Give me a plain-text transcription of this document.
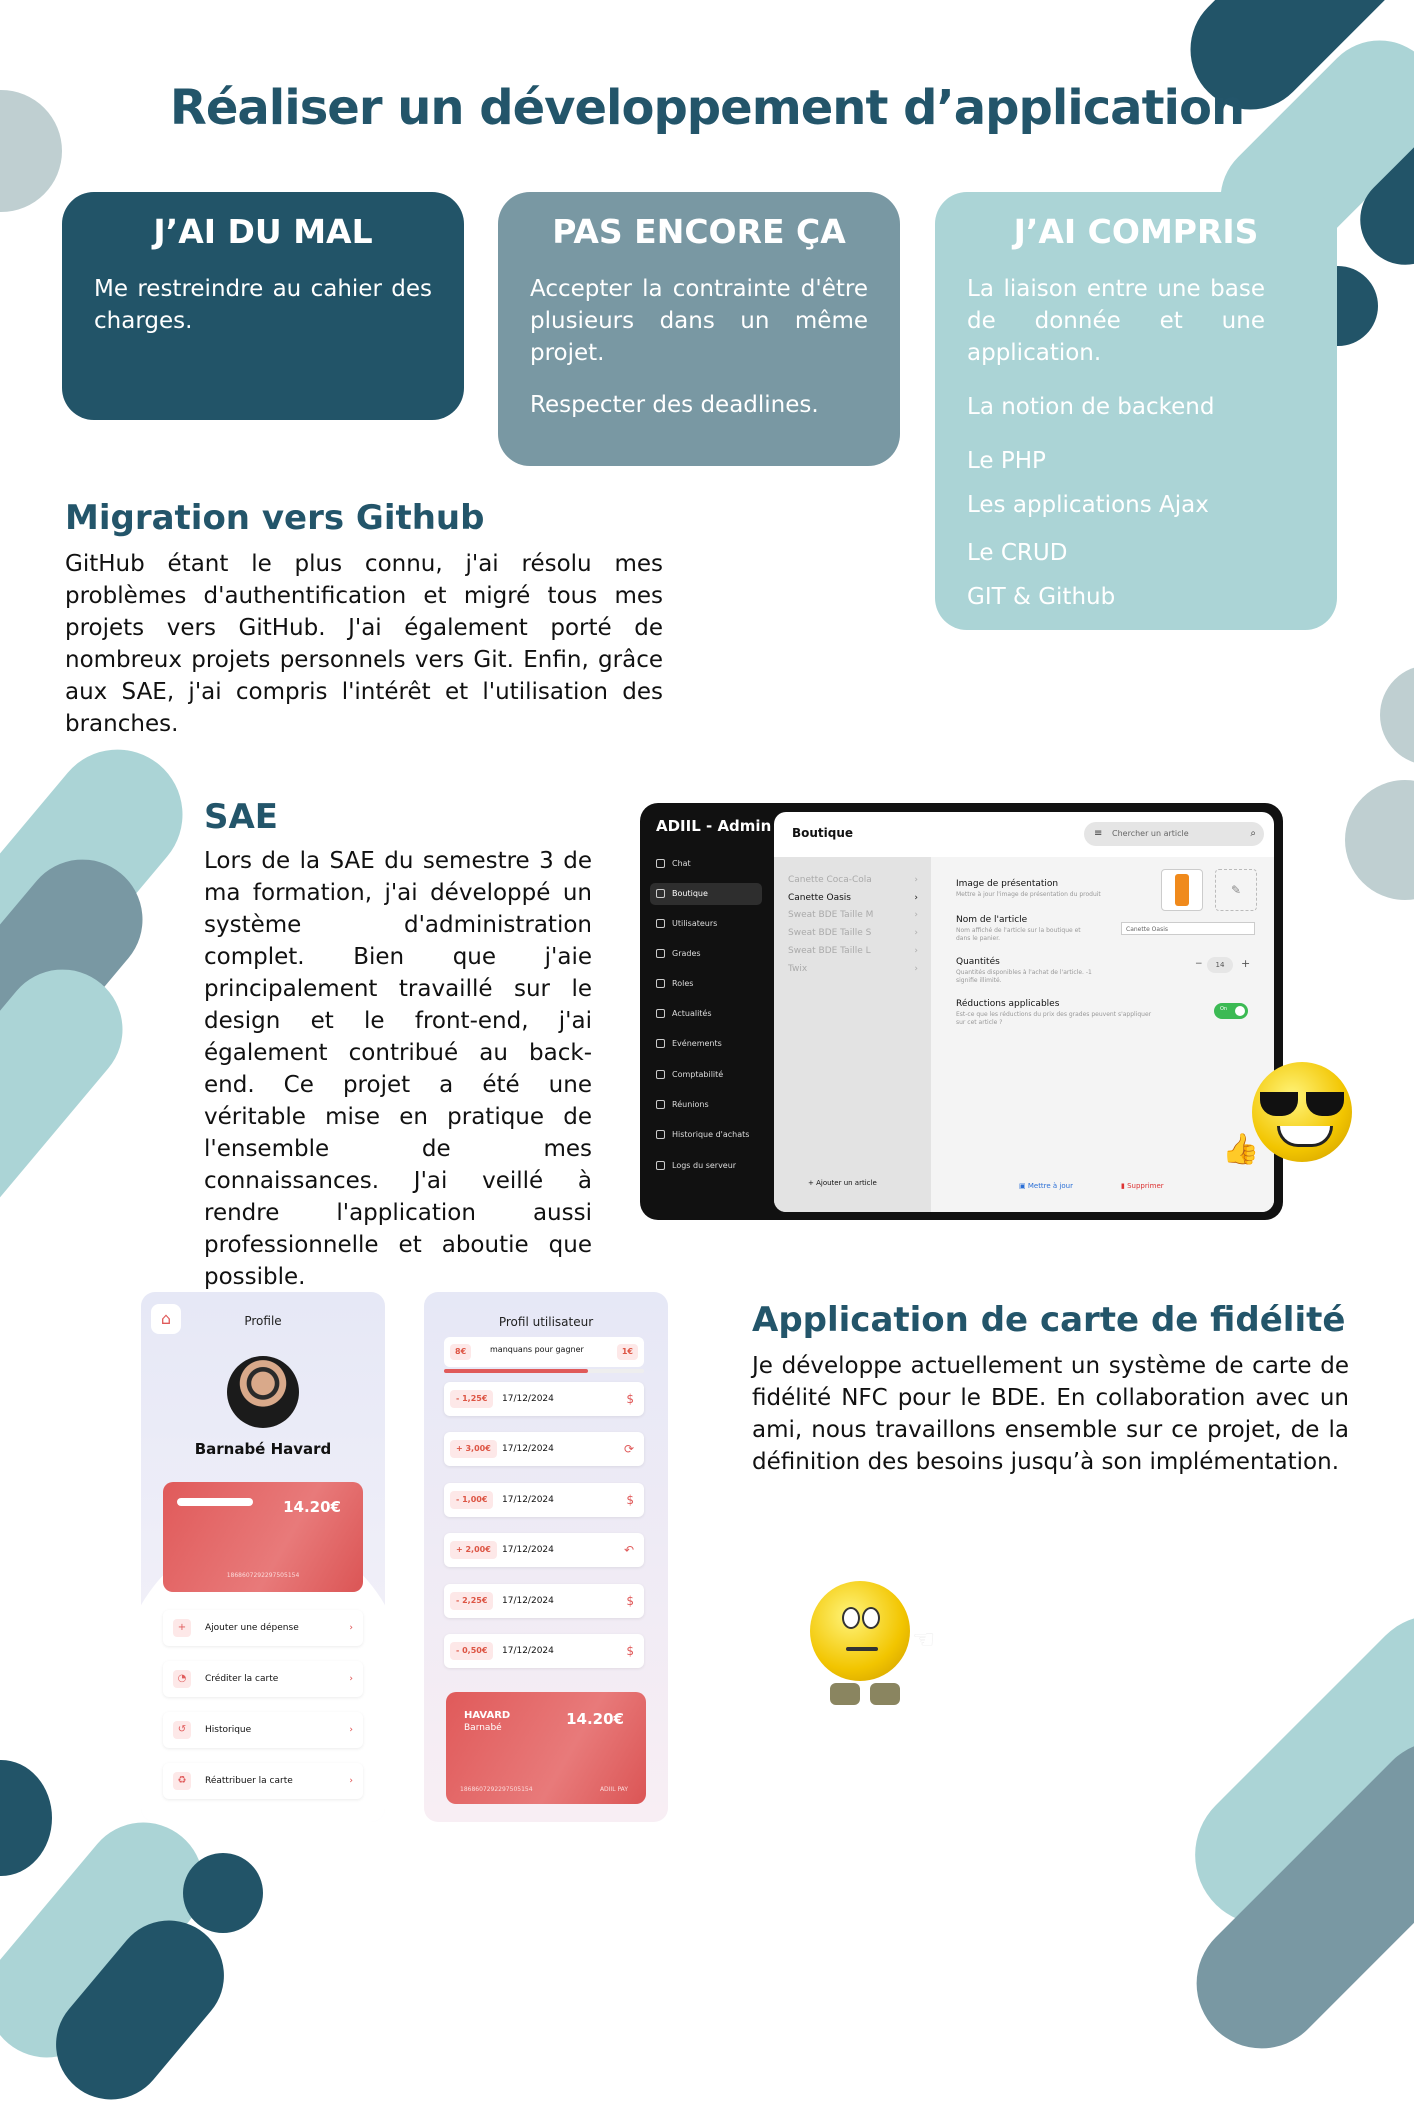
Réaliser un développement d’application
J’AI DU MAL

Me restreindre au cahier des charges.

PAS ENCORE ÇA

Accepter la contrainte d'être plusieurs dans un même projet.

Respecter des deadlines.

J’AI COMPRIS

La liaison entre une base de donnée et une application.

La notion de backend
Le PHP
Les applications Ajax
Le CRUD
GIT & Github
Migration vers Github

GitHub étant le plus connu, j'ai résolu mes problèmes d'authentification et migré tous mes projets vers GitHub. J'ai également porté de nombreux projets personnels vers Git. Enfin, grâce aux SAE, j'ai compris l'intérêt et l'utilisation des branches.

SAE

Lors de la SAE du semestre 3 de ma formation, j'ai développé un système d'administration complet. Bien que j'aie principalement travaillé sur le design et le front-end, j'ai également contribué au back-end. Ce projet a été une véritable mise en pratique de l'ensemble de mes connaissances. J'ai veillé à rendre l'application aussi professionnelle et aboutie que possible.

ADIIL - Admin
Chat
Boutique
Utilisateurs
Grades
Roles
Actualités
Evénements
Comptabilité
Réunions
Historique d'achats
Logs du serveur
Boutique	≡ Chercher un article	⌕
Canette Coca-Cola	›
Canette Oasis	›
Sweat BDE Taille M	›
Sweat BDE Taille S	›
Sweat BDE Taille L	›
Twix	›
+ Ajouter un article
Image de présentation
Mettre à jour l'image de présentation du produit	✎
Nom de l'article
Nom affiché de l'article sur la boutique et dans le panier.
Canette Oasis
Quantités
Quantités disponibles à l'achat de l'article. -1 signifie illimité.
−	14	+
Réductions applicables
Est-ce que les réductions du prix des grades peuvent s'appliquer sur cet article ?
On
▣ Mettre à jour	▮ Supprimer
👍
⌂	Profile
Barnabé Havard
14.20€
1868607292297505154
+	Ajouter une dépense	›
◔	Créditer la carte	›
↺	Historique	›
♻	Réattribuer la carte	›
Profil utilisateur
8€	manquans pour gagner	1€
- 1,25€	17/12/2024	$
+ 3,00€	17/12/2024	⟳
- 1,00€	17/12/2024	$
+ 2,00€	17/12/2024	↶
- 2,25€	17/12/2024	$
- 0,50€	17/12/2024	$
HAVARD
Barnabé	14.20€
1868607292297505154	ADIIL PAY
Application de carte de fidélité

Je développe actuellement un système de carte de fidélité NFC pour le BDE. En collaboration avec un ami, nous travaillons ensemble sur ce projet, de la définition des besoins jusqu’à son implémentation.

☜
